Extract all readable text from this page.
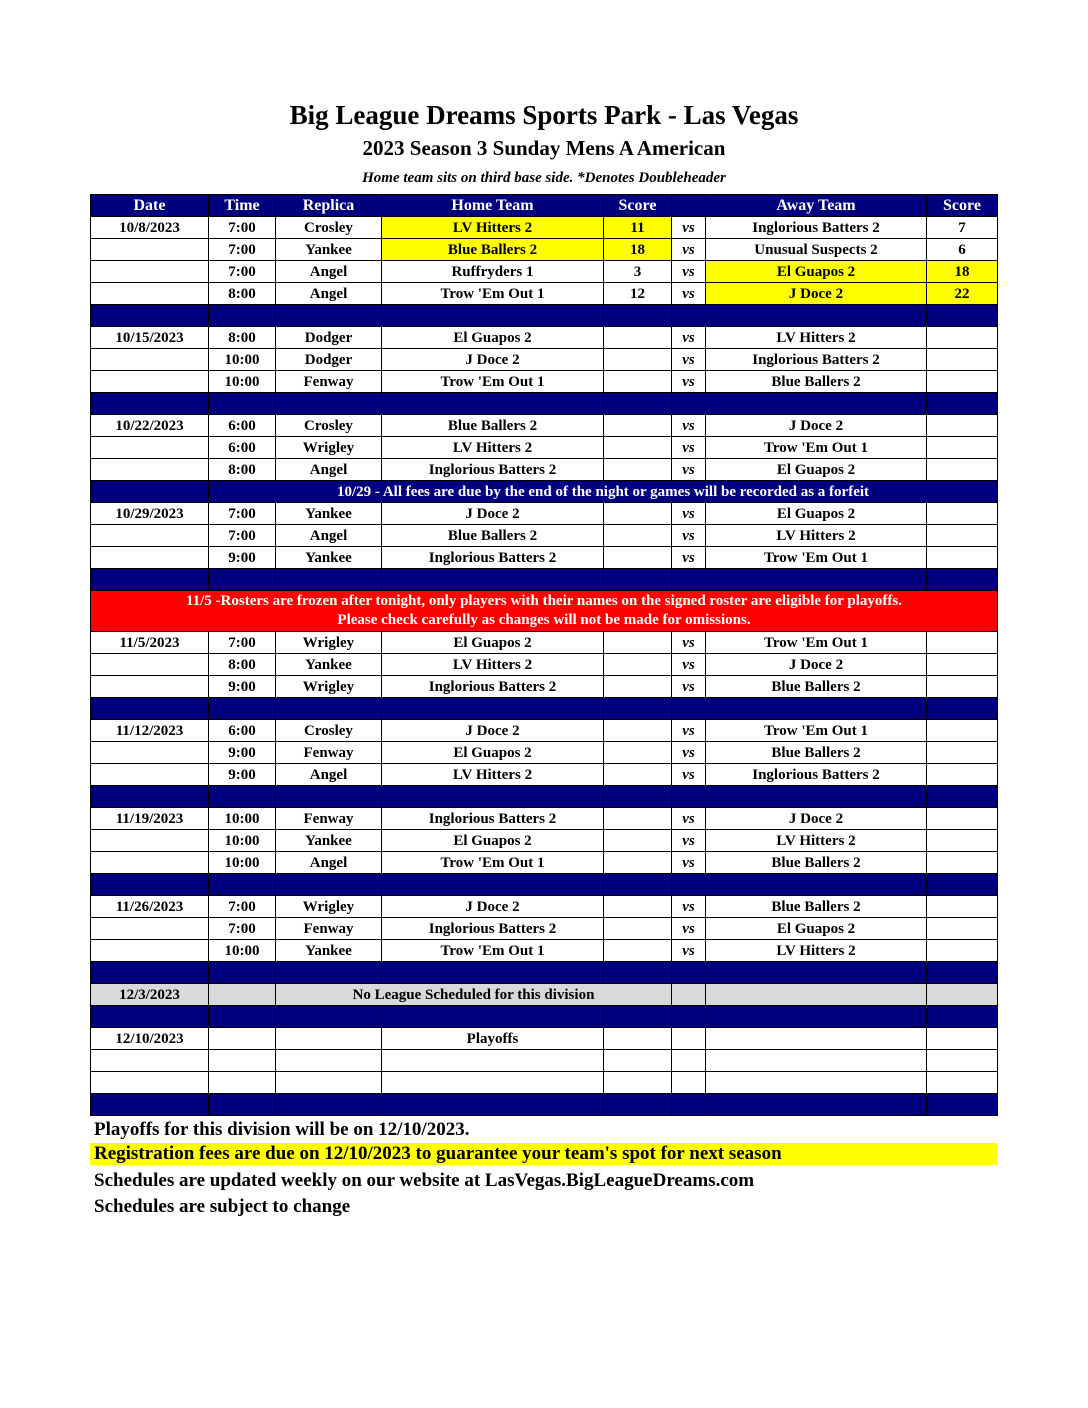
Big League Dreams Sports Park - Las Vegas
2023 Season 3 Sunday Mens A American
Home team sits on third base side. *Denotes Doubleheader
Date	Time	Replica	Home Team	Score		Away Team	Score
10/8/2023	7:00	Crosley	LV Hitters 2	11	vs	Inglorious Batters 2	7
	7:00	Yankee	Blue Ballers 2	18	vs	Unusual Suspects 2	6
	7:00	Angel	Ruffryders 1	3	vs	El Guapos 2	18
	8:00	Angel	Trow 'Em Out 1	12	vs	J Doce 2	22

10/15/2023	8:00	Dodger	El Guapos 2		vs	LV Hitters 2	
	10:00	Dodger	J Doce 2		vs	Inglorious Batters 2	
	10:00	Fenway	Trow 'Em Out 1		vs	Blue Ballers 2	

10/22/2023	6:00	Crosley	Blue Ballers 2		vs	J Doce 2	
	6:00	Wrigley	LV Hitters 2		vs	Trow 'Em Out 1	
	8:00	Angel	Inglorious Batters 2		vs	El Guapos 2	
	10/29 - All fees are due by the end of the night or games will be recorded as a forfeit						
10/29/2023	7:00	Yankee	J Doce 2		vs	El Guapos 2	
	7:00	Angel	Blue Ballers 2		vs	LV Hitters 2	
	9:00	Yankee	Inglorious Batters 2		vs	Trow 'Em Out 1	

11/5 -Rosters are frozen after tonight, only players with their names on the signed roster are eligible for playoffs.
Please check carefully as changes will not be made for omissions.							

11/5/2023	7:00	Wrigley	El Guapos 2		vs	Trow 'Em Out 1	
	8:00	Yankee	LV Hitters 2		vs	J Doce 2	
	9:00	Wrigley	Inglorious Batters 2		vs	Blue Ballers 2	

11/12/2023	6:00	Crosley	J Doce 2		vs	Trow 'Em Out 1	
	9:00	Fenway	El Guapos 2		vs	Blue Ballers 2	
	9:00	Angel	LV Hitters 2		vs	Inglorious Batters 2	

11/19/2023	10:00	Fenway	Inglorious Batters 2		vs	J Doce 2	
	10:00	Yankee	El Guapos 2		vs	LV Hitters 2	
	10:00	Angel	Trow 'Em Out 1		vs	Blue Ballers 2	

11/26/2023	7:00	Wrigley	J Doce 2		vs	Blue Ballers 2	
	7:00	Fenway	Inglorious Batters 2		vs	El Guapos 2	
	10:00	Yankee	Trow 'Em Out 1		vs	LV Hitters 2	

12/3/2023		No League Scheduled for this division					

12/10/2023			Playoffs				

Playoffs for this division will be on 12/10/2023.
Registration fees are due on 12/10/2023 to guarantee your team's spot for next season
Schedules are updated weekly on our website at LasVegas.BigLeagueDreams.com
Schedules are subject to change
